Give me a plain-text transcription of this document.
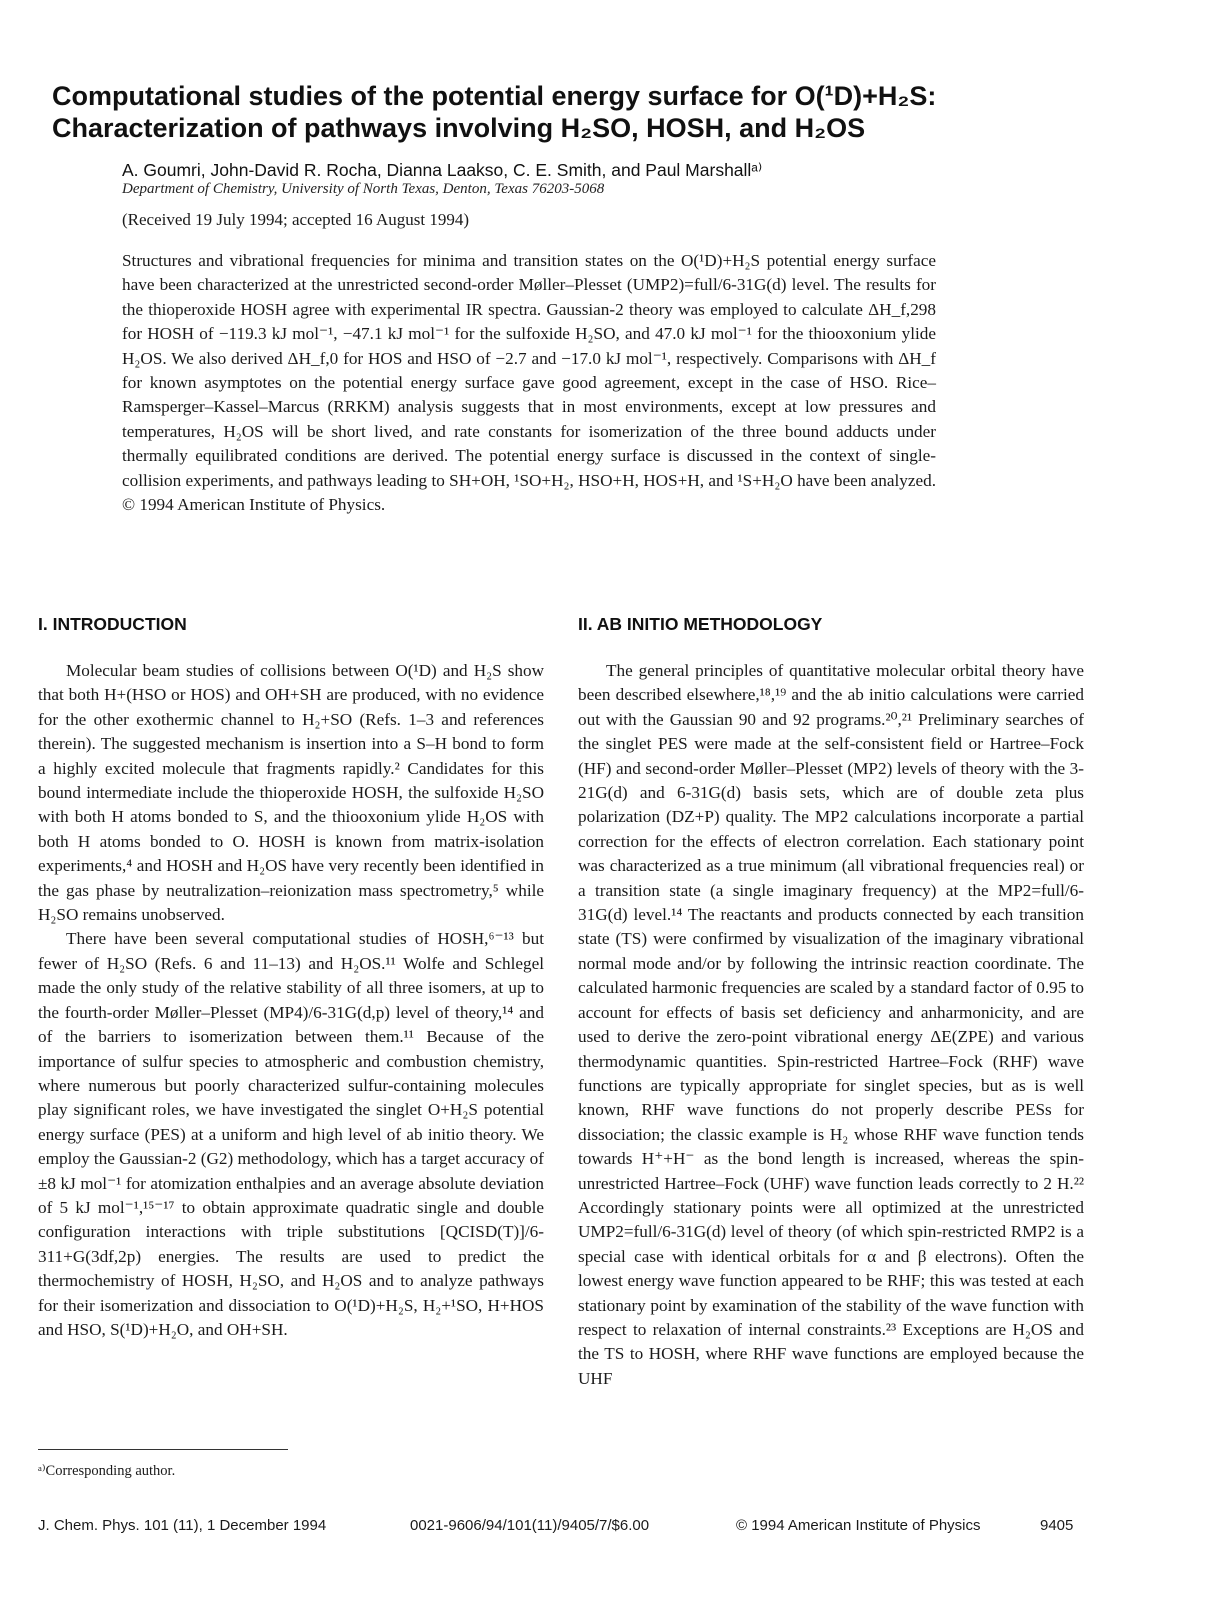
Computational studies of the potential energy surface for O(¹D)+H₂S:
Characterization of pathways involving H₂SO, HOSH, and H₂OS
A. Goumri, John-David R. Rocha, Dianna Laakso, C. E. Smith, and Paul Marshallᵃ⁾
Department of Chemistry, University of North Texas, Denton, Texas 76203-5068
(Received 19 July 1994; accepted 16 August 1994)

Structures and vibrational frequencies for minima and transition states on the O(¹D)+H₂S potential energy surface have been characterized at the unrestricted second-order Møller–Plesset (UMP2)=full/6-31G(d) level. The results for the thioperoxide HOSH agree with experimental IR spectra. Gaussian-2 theory was employed to calculate ΔH_f,298 for HOSH of −119.3 kJ mol⁻¹, −47.1 kJ mol⁻¹ for the sulfoxide H₂SO, and 47.0 kJ mol⁻¹ for the thiooxonium ylide H₂OS. We also derived ΔH_f,0 for HOS and HSO of −2.7 and −17.0 kJ mol⁻¹, respectively. Comparisons with ΔH_f for known asymptotes on the potential energy surface gave good agreement, except in the case of HSO. Rice–Ramsperger–Kassel–Marcus (RRKM) analysis suggests that in most environments, except at low pressures and temperatures, H₂OS will be short lived, and rate constants for isomerization of the three bound adducts under thermally equilibrated conditions are derived. The potential energy surface is discussed in the context of single-collision experiments, and pathways leading to SH+OH, ¹SO+H₂, HSO+H, HOS+H, and ¹S+H₂O have been analyzed. © 1994 American Institute of Physics.

I. INTRODUCTION

Molecular beam studies of collisions between O(¹D) and H₂S show that both H+(HSO or HOS) and OH+SH are produced, with no evidence for the other exothermic channel to H₂+SO (Refs. 1–3 and references therein). The suggested mechanism is insertion into a S–H bond to form a highly excited molecule that fragments rapidly.² Candidates for this bound intermediate include the thioperoxide HOSH, the sulfoxide H₂SO with both H atoms bonded to S, and the thiooxonium ylide H₂OS with both H atoms bonded to O. HOSH is known from matrix-isolation experiments,⁴ and HOSH and H₂OS have very recently been identified in the gas phase by neutralization–reionization mass spectrometry,⁵ while H₂SO remains unobserved.

There have been several computational studies of HOSH,⁶⁻¹³ but fewer of H₂SO (Refs. 6 and 11–13) and H₂OS.¹¹ Wolfe and Schlegel made the only study of the relative stability of all three isomers, at up to the fourth-order Møller–Plesset (MP4)/6-31G(d,p) level of theory,¹⁴ and of the barriers to isomerization between them.¹¹ Because of the importance of sulfur species to atmospheric and combustion chemistry, where numerous but poorly characterized sulfur-containing molecules play significant roles, we have investigated the singlet O+H₂S potential energy surface (PES) at a uniform and high level of ab initio theory. We employ the Gaussian-2 (G2) methodology, which has a target accuracy of ±8 kJ mol⁻¹ for atomization enthalpies and an average absolute deviation of 5 kJ mol⁻¹,¹⁵⁻¹⁷ to obtain approximate quadratic single and double configuration interactions with triple substitutions [QCISD(T)]/6-311+G(3df,2p) energies. The results are used to predict the thermochemistry of HOSH, H₂SO, and H₂OS and to analyze pathways for their isomerization and dissociation to O(¹D)+H₂S, H₂+¹SO, H+HOS and HSO, S(¹D)+H₂O, and OH+SH.

II. AB INITIO METHODOLOGY

The general principles of quantitative molecular orbital theory have been described elsewhere,¹⁸,¹⁹ and the ab initio calculations were carried out with the Gaussian 90 and 92 programs.²⁰,²¹ Preliminary searches of the singlet PES were made at the self-consistent field or Hartree–Fock (HF) and second-order Møller–Plesset (MP2) levels of theory with the 3-21G(d) and 6-31G(d) basis sets, which are of double zeta plus polarization (DZ+P) quality. The MP2 calculations incorporate a partial correction for the effects of electron correlation. Each stationary point was characterized as a true minimum (all vibrational frequencies real) or a transition state (a single imaginary frequency) at the MP2=full/6-31G(d) level.¹⁴ The reactants and products connected by each transition state (TS) were confirmed by visualization of the imaginary vibrational normal mode and/or by following the intrinsic reaction coordinate. The calculated harmonic frequencies are scaled by a standard factor of 0.95 to account for effects of basis set deficiency and anharmonicity, and are used to derive the zero-point vibrational energy ΔE(ZPE) and various thermodynamic quantities. Spin-restricted Hartree–Fock (RHF) wave functions are typically appropriate for singlet species, but as is well known, RHF wave functions do not properly describe PESs for dissociation; the classic example is H₂ whose RHF wave function tends towards H⁺+H⁻ as the bond length is increased, whereas the spin-unrestricted Hartree–Fock (UHF) wave function leads correctly to 2 H.²² Accordingly stationary points were all optimized at the unrestricted UMP2=full/6-31G(d) level of theory (of which spin-restricted RMP2 is a special case with identical orbitals for α and β electrons). Often the lowest energy wave function appeared to be RHF; this was tested at each stationary point by examination of the stability of the wave function with respect to relaxation of internal constraints.²³ Exceptions are H₂OS and the TS to HOSH, where RHF wave functions are employed because the UHF

ᵃ⁾Corresponding author.
J. Chem. Phys. 101 (11), 1 December 1994	0021-9606/94/101(11)/9405/7/$6.00	© 1994 American Institute of Physics	9405
